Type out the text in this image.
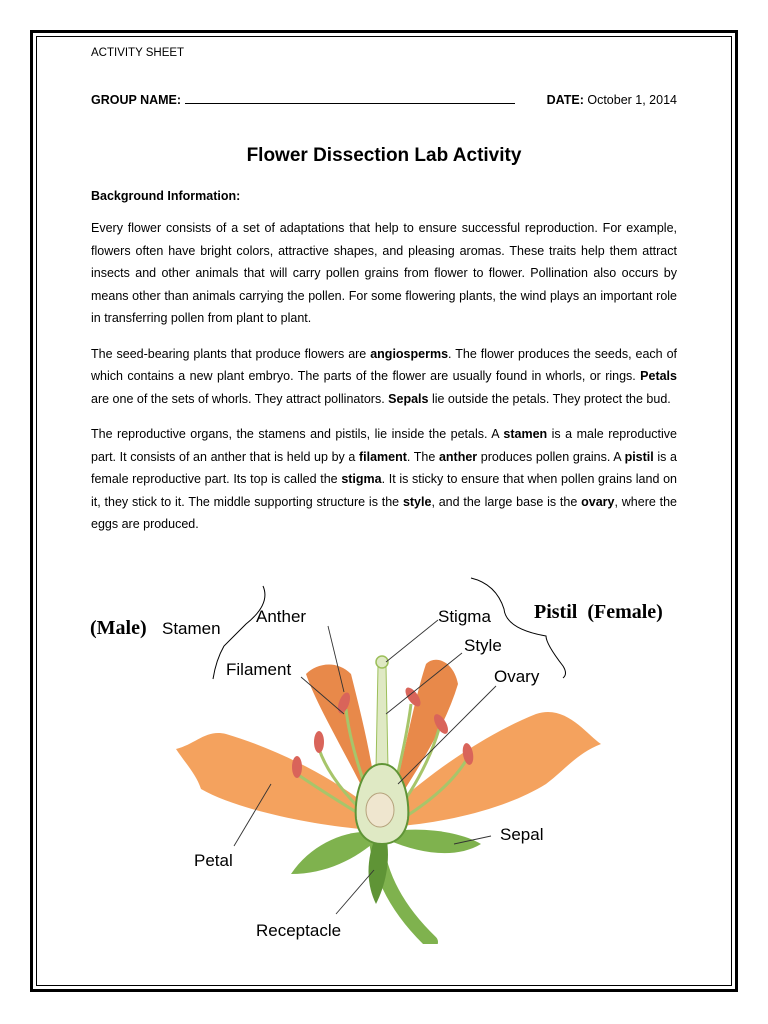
ACTIVITY SHEET
GROUP NAME:	DATE: October 1, 2014
Flower Dissection Lab Activity
Background Information:

Every flower consists of a set of adaptations that help to ensure successful reproduction. For example, flowers often have bright colors, attractive shapes, and pleasing aromas. These traits help them attract insects and other animals that will carry pollen grains from flower to flower. Pollination also occurs by means other than animals carrying the pollen. For some flowering plants, the wind plays an important role in transferring pollen from plant to plant.

The seed-bearing plants that produce flowers are angiosperms. The flower produces the seeds, each of which contains a new plant embryo. The parts of the flower are usually found in whorls, or rings. Petals are one of the sets of whorls. They attract pollinators. Sepals lie outside the petals. They protect the bud.

The reproductive organs, the stamens and pistils, lie inside the petals. A stamen is a male reproductive part. It consists of an anther that is held up by a filament. The anther produces pollen grains. A pistil is a female reproductive part. Its top is called the stigma. It is sticky to ensure that when pollen grains land on it, they stick to it. The middle supporting structure is the style, and the large base is the ovary, where the eggs are produced.

(Male) Stamen
Anther
Filament
Stigma
Style
Ovary
Pistil  (Female)
Petal
Sepal
Receptacle
